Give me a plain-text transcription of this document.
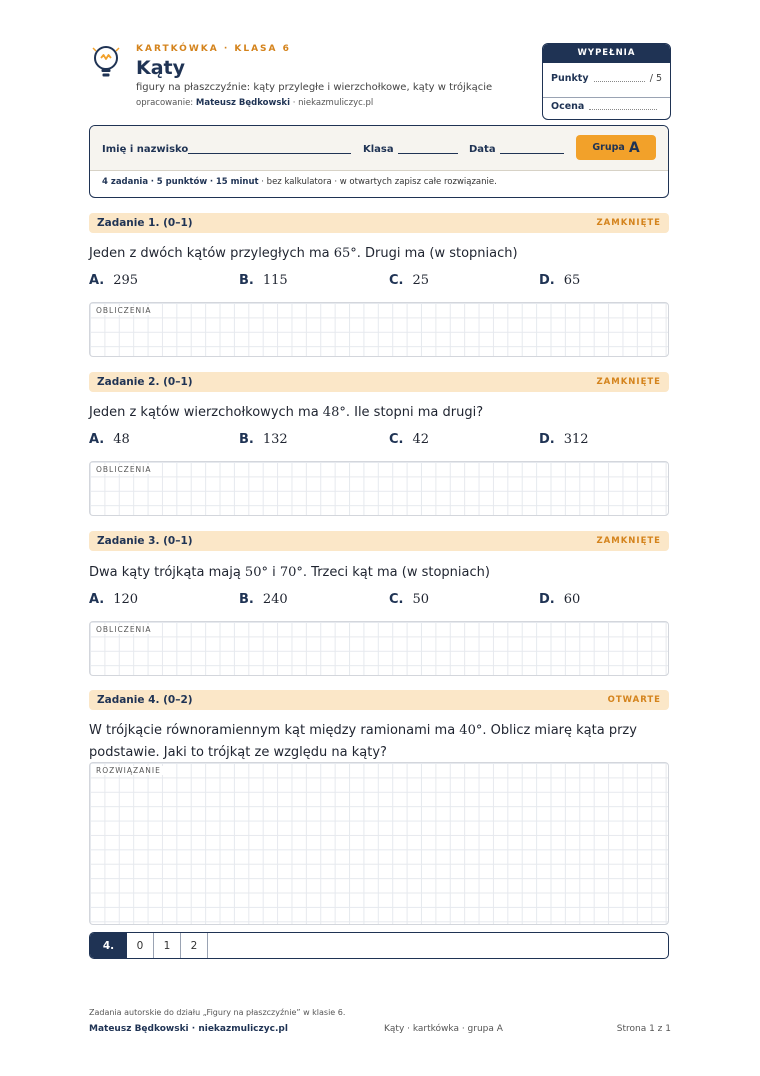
KARTKÓWKA · KLASA 6
Kąty
figury na płaszczyźnie: kąty przyległe i wierzchołkowe, kąty w trójkącie
opracowanie: Mateusz Będkowski · niekazmuliczyc.pl
WYPEŁNIA NAUCZYCIEL
Punkty	/ 5
Ocena
Imię i nazwisko	Klasa	Data	Grupa A
4 zadania · 5 punktów · 15 minut · bez kalkulatora · w otwartych zapisz całe rozwiązanie.
Zadanie 1. (0–1)	ZAMKNIĘTE
Jeden z dwóch kątów przyległych ma 65°. Drugi ma (w stopniach)
A. 295	B. 115	C. 25	D. 65
OBLICZENIA
Zadanie 2. (0–1)	ZAMKNIĘTE
Jeden z kątów wierzchołkowych ma 48°. Ile stopni ma drugi?
A. 48	B. 132	C. 42	D. 312
OBLICZENIA
Zadanie 3. (0–1)	ZAMKNIĘTE
Dwa kąty trójkąta mają 50° i 70°. Trzeci kąt ma (w stopniach)
A. 120	B. 240	C. 50	D. 60
OBLICZENIA
Zadanie 4. (0–2)	OTWARTE
W trójkącie równoramiennym kąt między ramionami ma 40°. Oblicz miarę kąta przy podstawie. Jaki to trójkąt ze względu na kąty?
ROZWIĄZANIE
4.	0	1	2
Zadania autorskie do działu „Figury na płaszczyźnie” w klasie 6.
Mateusz Będkowski · niekazmuliczyc.pl	Kąty · kartkówka · grupa A	Strona 1 z 1
